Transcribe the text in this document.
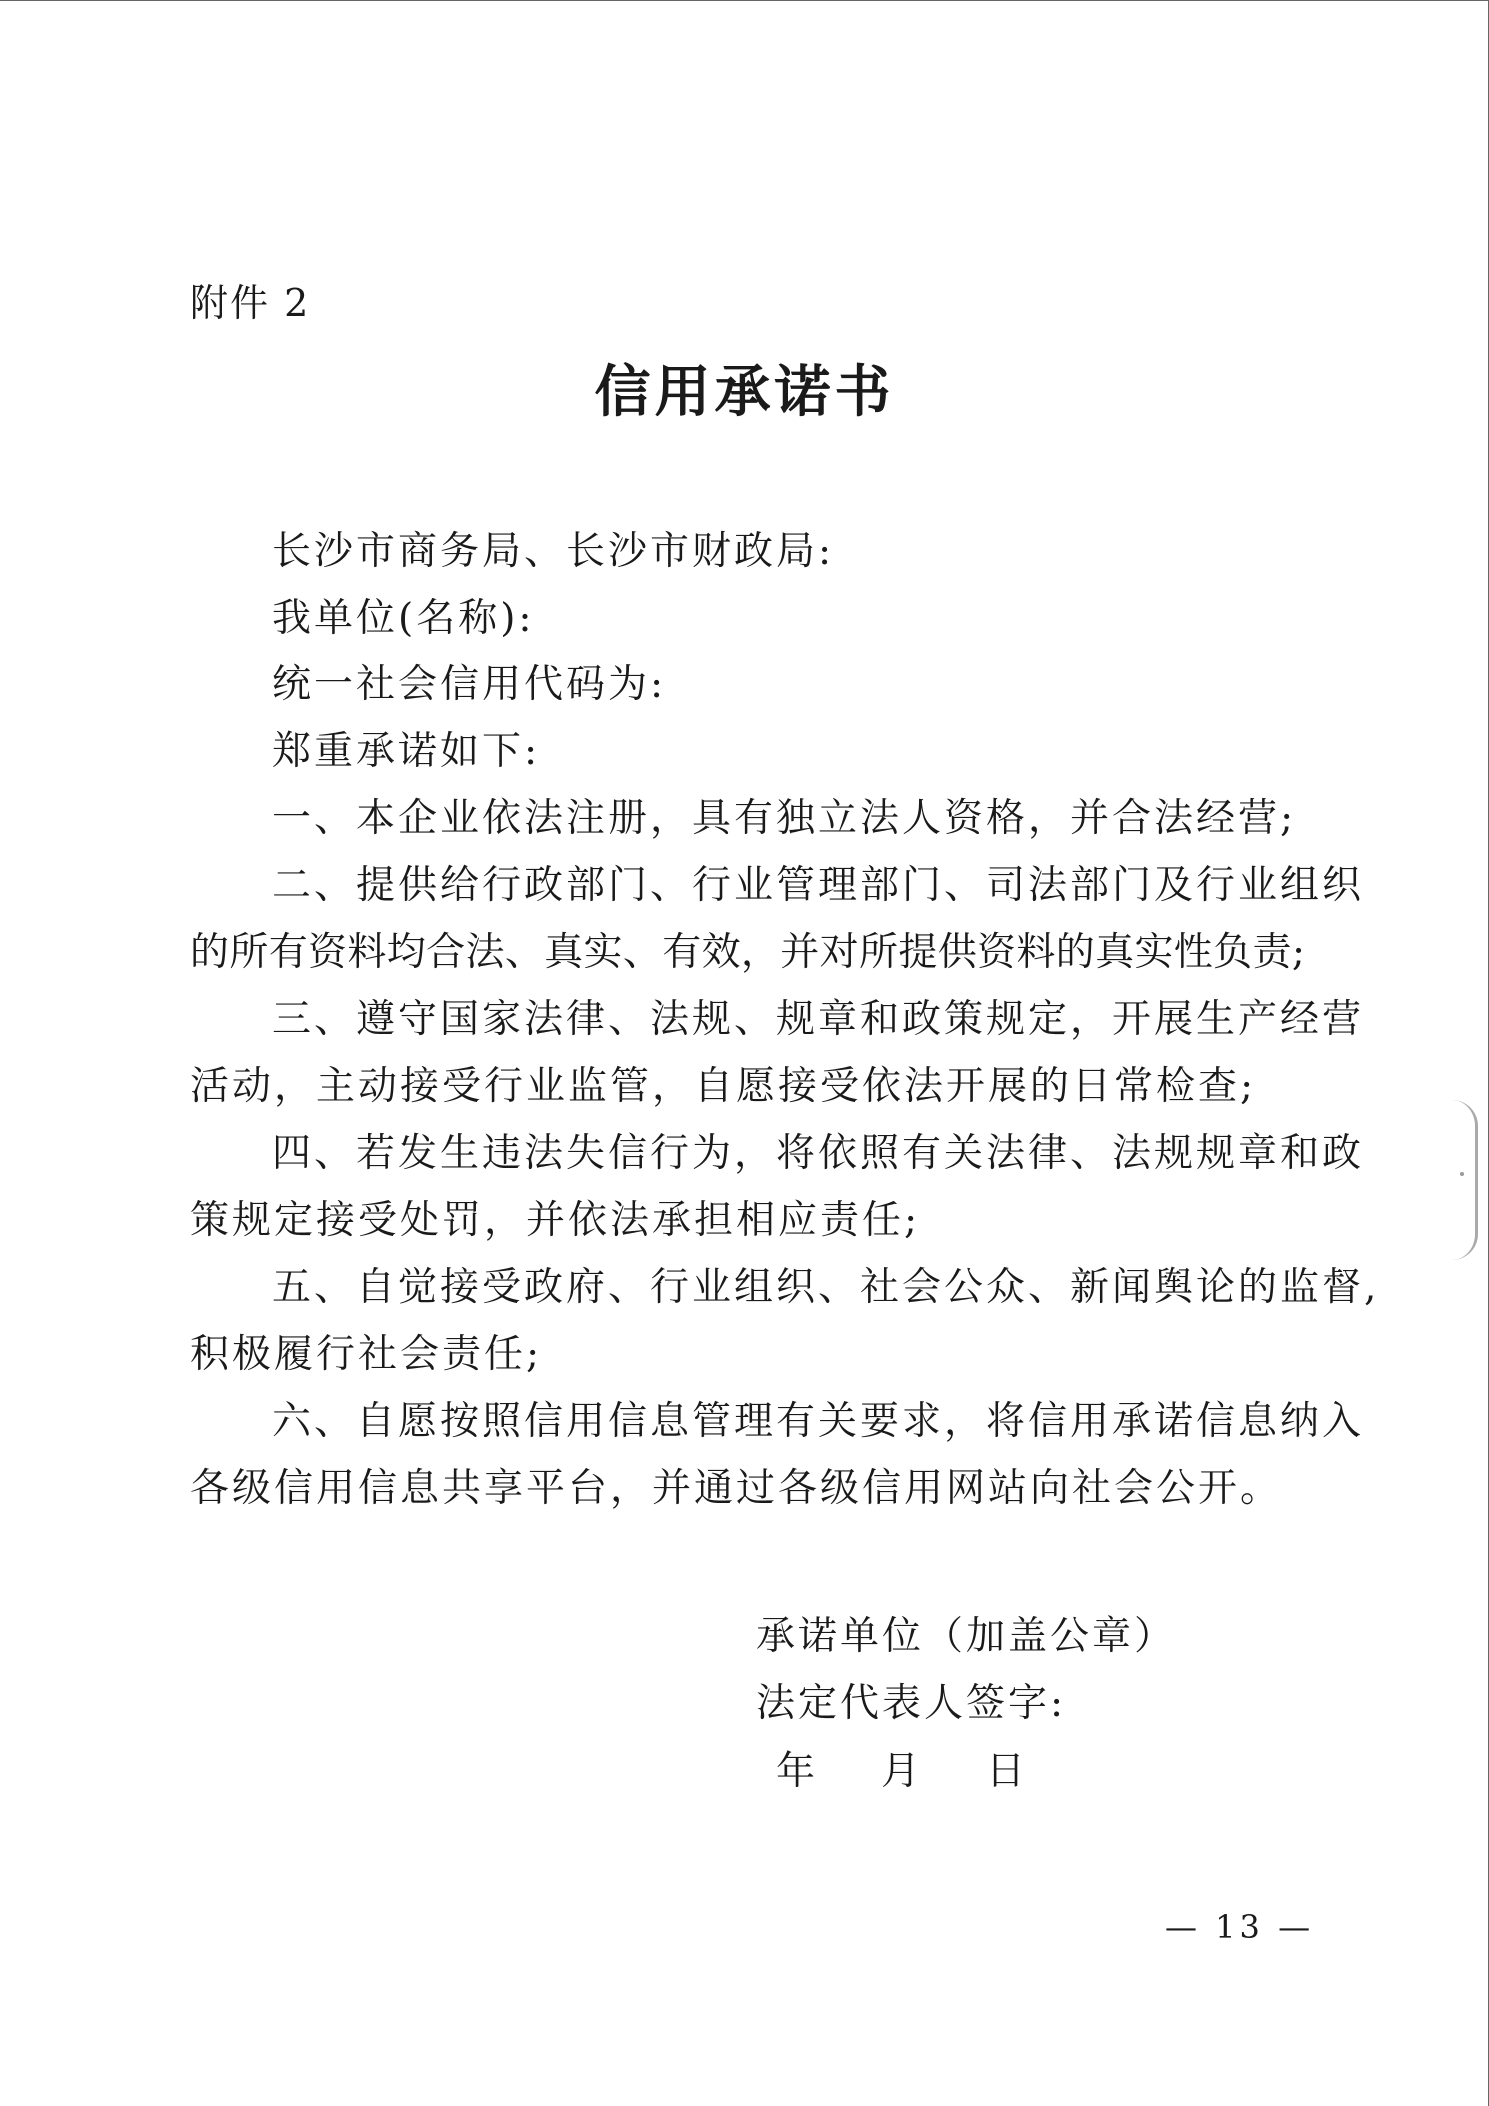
附件 2
信用承诺书
长沙市商务局、长沙市财政局:
我单位(名称):
统一社会信用代码为:
郑重承诺如下:
一、本企业依法注册，具有独立法人资格，并合法经营;
二、提供给行政部门、行业管理部门、司法部门及行业组织
的所有资料均合法、真实、有效，并对所提供资料的真实性负责;
三、遵守国家法律、法规、规章和政策规定，开展生产经营
活动，主动接受行业监管，自愿接受依法开展的日常检查;
四、若发生违法失信行为，将依照有关法律、法规规章和政
策规定接受处罚，并依法承担相应责任;
五、自觉接受政府、行业组织、社会公众、新闻舆论的监督,
积极履行社会责任;
六、自愿按照信用信息管理有关要求，将信用承诺信息纳入
各级信用信息共享平台，并通过各级信用网站向社会公开。
承诺单位（加盖公章）
法定代表人签字:
年 月 日
— 13 —
